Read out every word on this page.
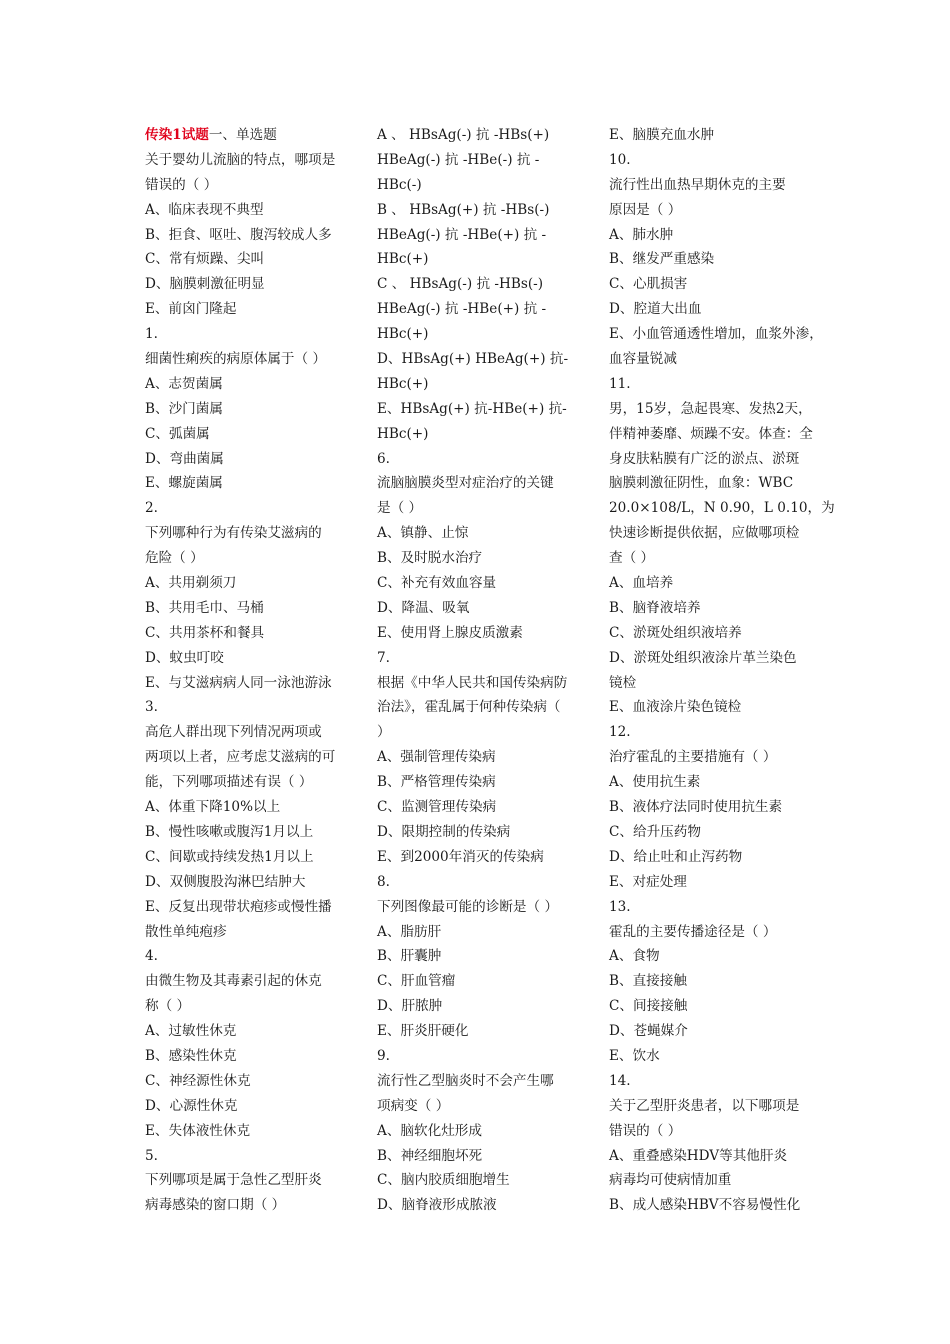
传染1试题一、单选题
关于婴幼儿流脑的特点，哪项是
错误的（ ）
A、临床表现不典型
B、拒食、呕吐、腹泻较成人多
C、常有烦躁、尖叫
D、脑膜刺激征明显
E、前囟门隆起
1.
细菌性痢疾的病原体属于（ ）
A、志贺菌属
B、沙门菌属
C、弧菌属
D、弯曲菌属
E、螺旋菌属
2.
下列哪种行为有传染艾滋病的
危险（ ）
A、共用剃须刀
B、共用毛巾、马桶
C、共用茶杯和餐具
D、蚊虫叮咬
E、与艾滋病病人同一泳池游泳
3.
高危人群出现下列情况两项或
两项以上者，应考虑艾滋病的可
能，下列哪项描述有误（ ）
A、体重下降10%以上
B、慢性咳嗽或腹泻1月以上
C、间歇或持续发热1月以上
D、双侧腹股沟淋巴结肿大
E、反复出现带状疱疹或慢性播
散性单纯疱疹
4.
由微生物及其毒素引起的休克
称（ ）
A、过敏性休克
B、感染性休克
C、神经源性休克
D、心源性休克
E、失体液性休克
5.
下列哪项是属于急性乙型肝炎
病毒感染的窗口期（ ）
A 、 HBsAg(-) 抗 -HBs(+)
HBeAg(-) 抗 -HBe(-) 抗 -
HBc(-)
B 、 HBsAg(+) 抗 -HBs(-)
HBeAg(-) 抗 -HBe(+) 抗 -
HBc(+)
C 、 HBsAg(-) 抗 -HBs(-)
HBeAg(-) 抗 -HBe(+) 抗 -
HBc(+)
D、HBsAg(+) HBeAg(+) 抗-
HBc(+)
E、HBsAg(+) 抗-HBe(+) 抗-
HBc(+)
6.
流脑脑膜炎型对症治疗的关键
是（ ）
A、镇静、止惊
B、及时脱水治疗
C、补充有效血容量
D、降温、吸氧
E、使用肾上腺皮质激素
7.
根据《中华人民共和国传染病防
治法》，霍乱属于何种传染病（
）
A、强制管理传染病
B、严格管理传染病
C、监测管理传染病
D、限期控制的传染病
E、到2000年消灭的传染病
8.
下列图像最可能的诊断是（ ）
A、脂肪肝
B、肝囊肿
C、肝血管瘤
D、肝脓肿
E、肝炎肝硬化
9.
流行性乙型脑炎时不会产生哪
项病变（ ）
A、脑软化灶形成
B、神经细胞坏死
C、脑内胶质细胞增生
D、脑脊液形成脓液
E、脑膜充血水肿
10.
流行性出血热早期休克的主要
原因是（ ）
A、肺水肿
B、继发严重感染
C、心肌损害
D、腔道大出血
E、小血管通透性增加，血浆外渗，
血容量锐减
11.
男，15岁，急起畏寒、发热2天，
伴精神萎靡、烦躁不安。体查：全
身皮肤粘膜有广泛的淤点、淤斑
脑膜刺激征阴性，血象：WBC
20.0×108/L，N 0.90，L 0.10，为
快速诊断提供依据，应做哪项检
查（ ）
A、血培养
B、脑脊液培养
C、淤斑处组织液培养
D、淤斑处组织液涂片革兰染色
镜检
E、血液涂片染色镜检
12.
治疗霍乱的主要措施有（ ）
A、使用抗生素
B、液体疗法同时使用抗生素
C、给升压药物
D、给止吐和止泻药物
E、对症处理
13.
霍乱的主要传播途径是（ ）
A、食物
B、直接接触
C、间接接触
D、苍蝇媒介
E、饮水
14.
关于乙型肝炎患者，以下哪项是
错误的（ ）
A、重叠感染HDV等其他肝炎
病毒均可使病情加重
B、成人感染HBV不容易慢性化
